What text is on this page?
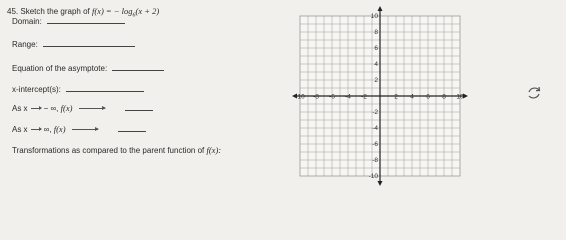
45. Sketch the graph of f(x) = − $\log_6(x + 2)$
Domain:
Range:
Equation of the asymptote:
x-intercept(s):
As x − ∞, f(x)
As x ∞, f(x)
Transformations as compared to the parent function of f(x):
-10 -8 -6 -4 -2	2 4 6 8 10
10
8
6
4
2
-2
-4
-6
-8
-10
